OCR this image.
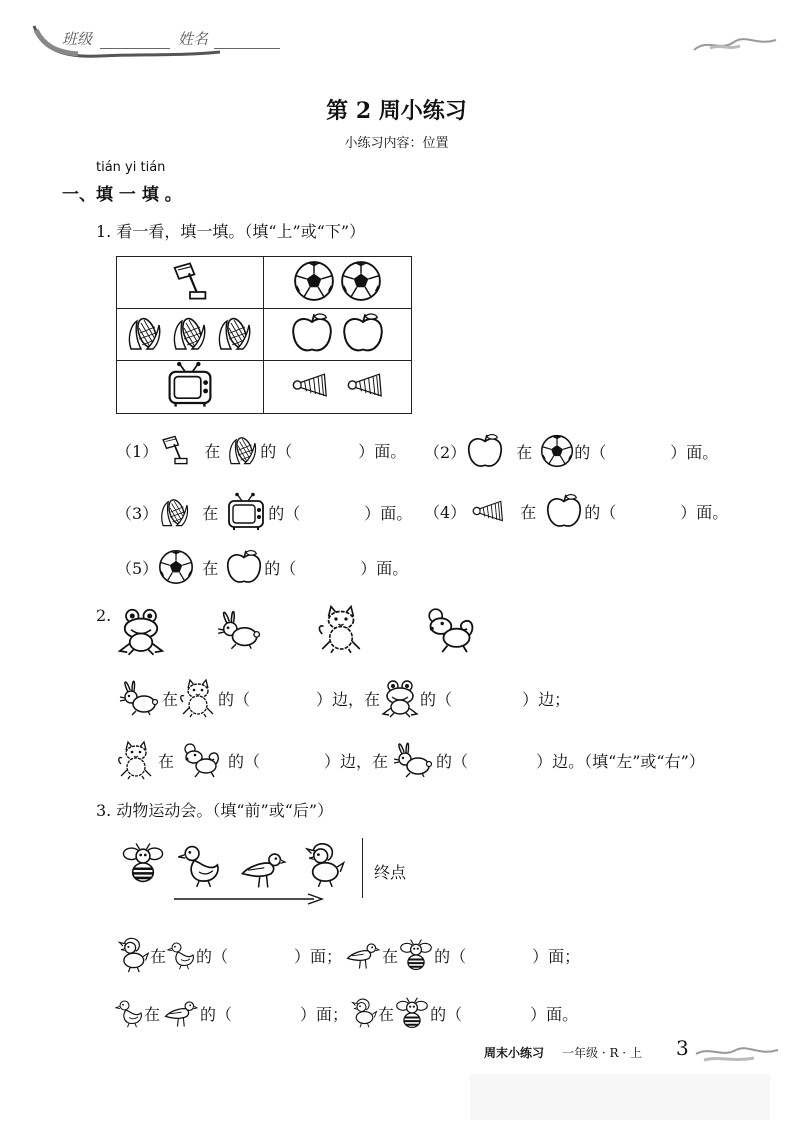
班级	姓名
第 2 周小练习
小练习内容：位置
tián yi tián
一、填 一 填 。
1. 看一看，填一填。（填“上”或“下”）

（1）	在	的（	）面。 （2）	在	的（	）面。
（3）	在	的（	）面。 （4）	在	的（	）面。
（5）	在	的（	）面。
2.
在	的（	）边，在	的（	）边；
在	的（	）边，在	的（	）边。（填“左”或“右”）
3. 动物运动会。（填“前”或“后”）
终点
在 的（	）面；	在 的（	）面；
在	的（	）面； 在 的（	）面。
周末小练习 一年级 · R · 上 3
